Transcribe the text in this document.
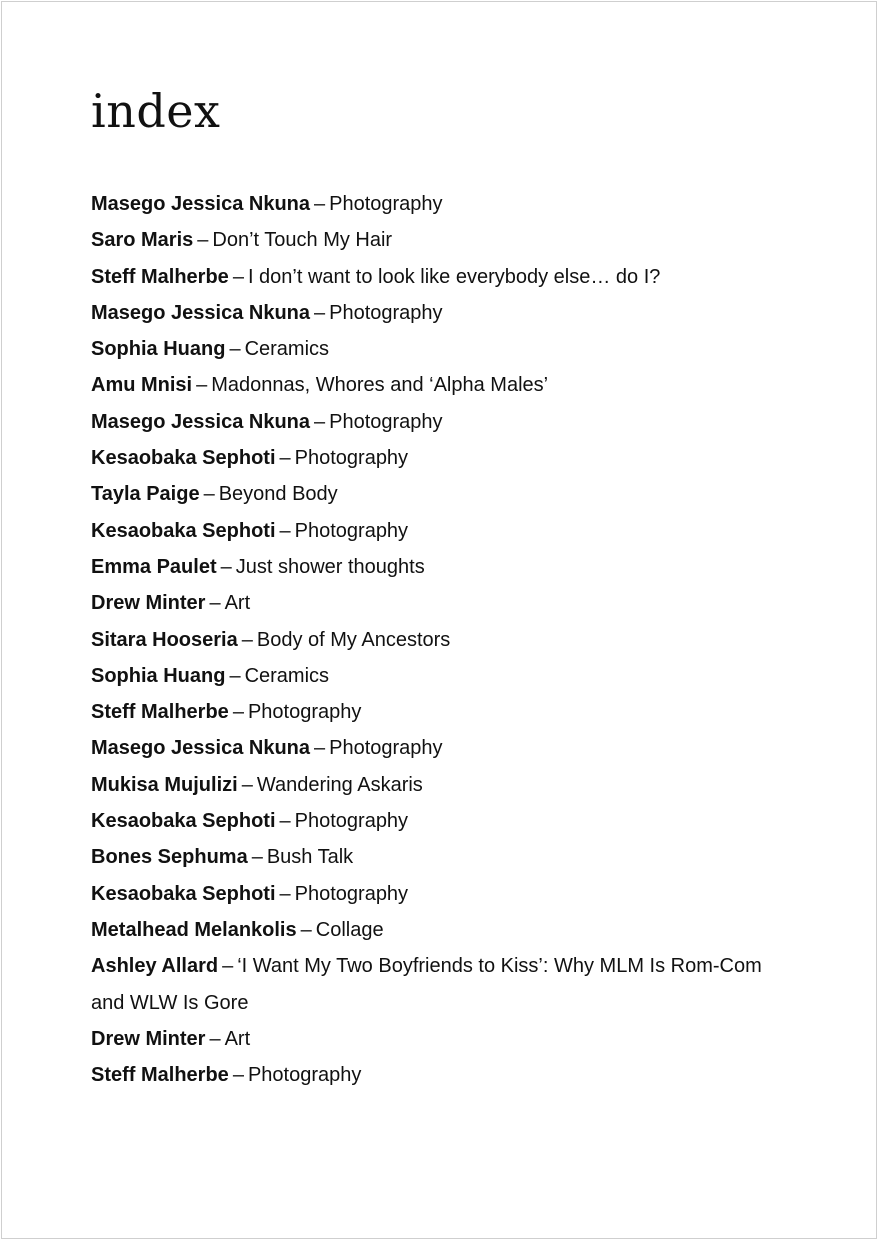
index
Masego Jessica Nkuna – Photography
Saro Maris – Don’t Touch My Hair
Steff Malherbe – I don’t want to look like everybody else… do I?
Masego Jessica Nkuna – Photography
Sophia Huang – Ceramics
Amu Mnisi – Madonnas, Whores and ‘Alpha Males’
Masego Jessica Nkuna – Photography
Kesaobaka Sephoti – Photography
Tayla Paige – Beyond Body
Kesaobaka Sephoti – Photography
Emma Paulet – Just shower thoughts
Drew Minter – Art
Sitara Hooseria – Body of My Ancestors
Sophia Huang – Ceramics
Steff Malherbe – Photography
Masego Jessica Nkuna – Photography
Mukisa Mujulizi – Wandering Askaris
Kesaobaka Sephoti – Photography
Bones Sephuma – Bush Talk
Kesaobaka Sephoti – Photography
Metalhead Melankolis – Collage
Ashley Allard – ‘I Want My Two Boyfriends to Kiss’: Why MLM Is Rom-Com and WLW Is Gore
Drew Minter – Art
Steff Malherbe – Photography
